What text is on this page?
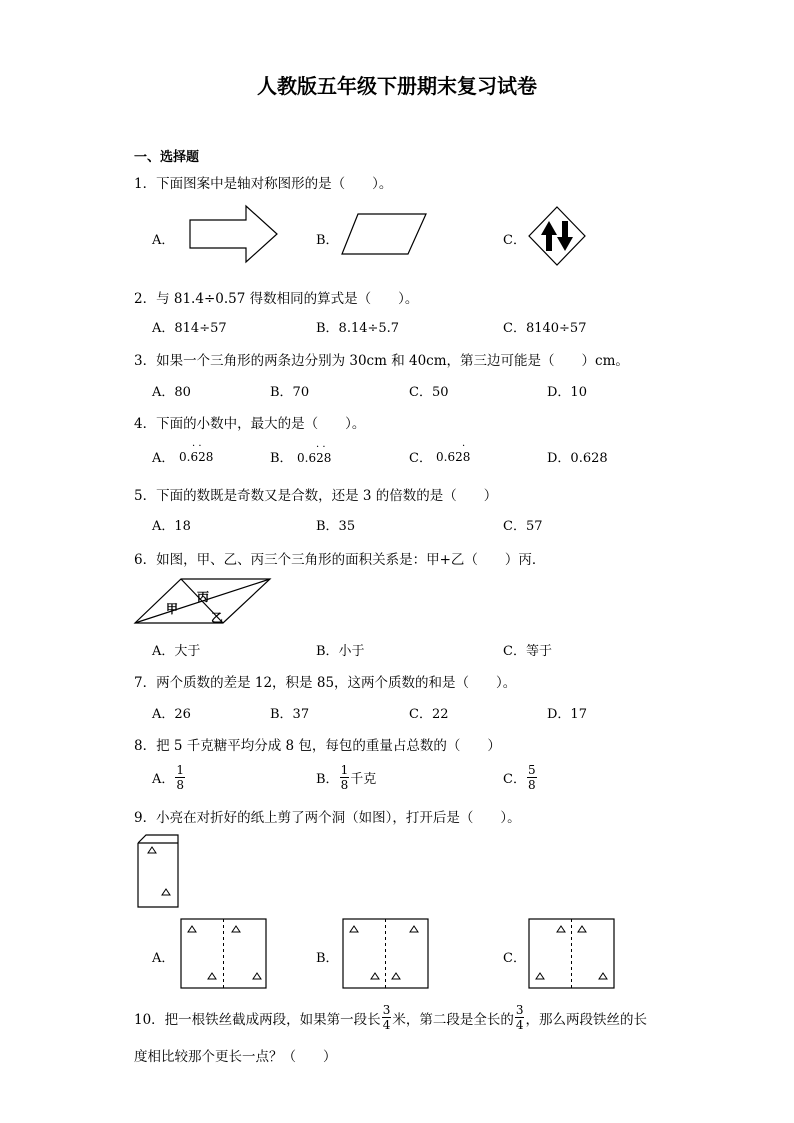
人教版五年级下册期末复习试卷
一、选择题
1．下面图案中是轴对称图形的是（　　）。
A．	B．	C．
2．与 81.4÷0.57 得数相同的算式是（　　）。
A．814÷57	B．8.14÷5.7	C．8140÷57
3．如果一个三角形的两条边分别为 30cm 和 40cm，第三边可能是（　　）cm。
A．80	B．70	C．50	D．10
4．下面的小数中，最大的是（　　）。
A． 0.628
· ·
B． 0.628
· ·
C． 0.628
·
D．0.628
5．下面的数既是奇数又是合数，还是 3 的倍数的是（　　）
A．18	B．35	C．57
6．如图，甲、乙、丙三个三角形的面积关系是：甲+乙（　　）丙．
甲
丙
乙
A．大于	B．小于	C．等于
7．两个质数的差是 12，积是 85，这两个质数的和是（　　）。
A．26	B．37	C．22	D．17
8．把 5 千克糖平均分成 8 包，每包的重量占总数的（　　）
A． $\frac{1}{8}$	B． $\frac{1}{8}$ 千克	C． $\frac{5}{8}$
9．小亮在对折好的纸上剪了两个洞（如图），打开后是（　　）。
A．	B．	C．
10．把一根铁丝截成两段，如果第一段长 $\frac{3}{4}$ 米，第二段是全长的 $\frac{3}{4}$ ，那么两段铁丝的长
度相比较那个更长一点？（　　）
